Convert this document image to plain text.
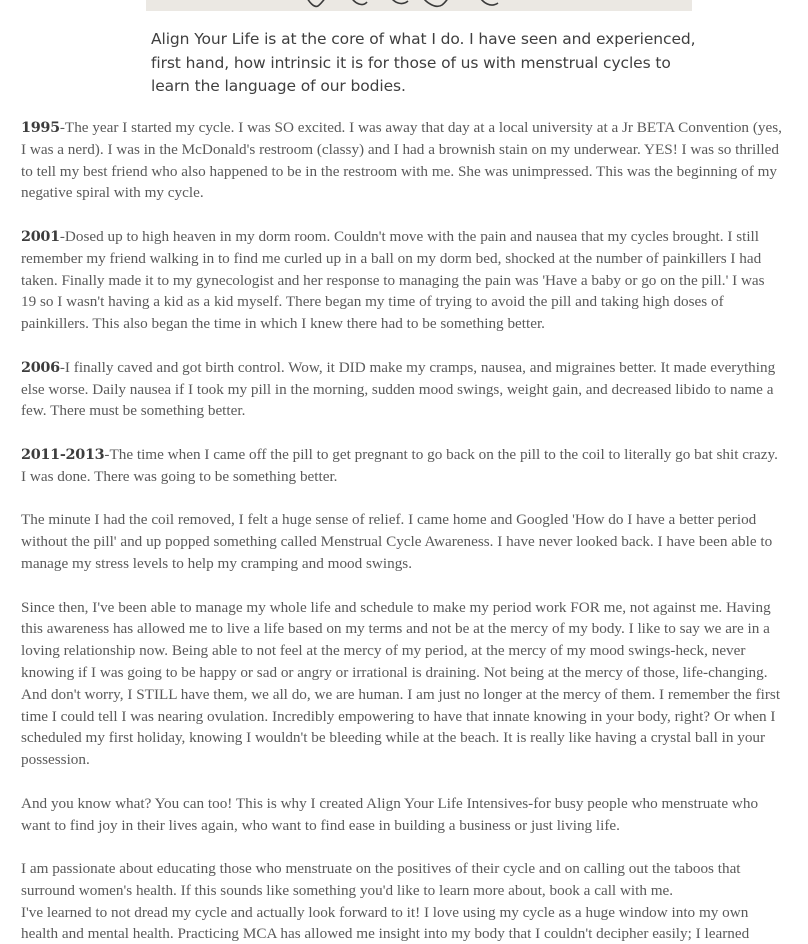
Align Your Life is at the core of what I do. I have seen and experienced, first hand, how intrinsic it is for those of us with menstrual cycles to learn the language of our bodies.

1995-The year I started my cycle. I was SO excited. I was away that day at a local university at a Jr BETA Convention (yes, I was a nerd). I was in the McDonald's restroom (classy) and I had a brownish stain on my underwear. YES! I was so thrilled to tell my best friend who also happened to be in the restroom with me. She was unimpressed. This was the beginning of my negative spiral with my cycle.

2001-Dosed up to high heaven in my dorm room. Couldn't move with the pain and nausea that my cycles brought. I still remember my friend walking in to find me curled up in a ball on my dorm bed, shocked at the number of painkillers I had taken. Finally made it to my gynecologist and her response to managing the pain was 'Have a baby or go on the pill.' I was 19 so I wasn't having a kid as a kid myself. There began my time of trying to avoid the pill and taking high doses of painkillers. This also began the time in which I knew there had to be something better.

2006-I finally caved and got birth control. Wow, it DID make my cramps, nausea, and migraines better. It made everything else worse. Daily nausea if I took my pill in the morning, sudden mood swings, weight gain, and decreased libido to name a few. There must be something better.

2011-2013-The time when I came off the pill to get pregnant to go back on the pill to the coil to literally go bat shit crazy. I was done. There was going to be something better.

The minute I had the coil removed, I felt a huge sense of relief. I came home and Googled 'How do I have a better period without the pill' and up popped something called Menstrual Cycle Awareness. I have never looked back. I have been able to manage my stress levels to help my cramping and mood swings.

Since then, I've been able to manage my whole life and schedule to make my period work FOR me, not against me. Having this awareness has allowed me to live a life based on my terms and not be at the mercy of my body. I like to say we are in a loving relationship now. Being able to not feel at the mercy of my period, at the mercy of my mood swings-heck, never knowing if I was going to be happy or sad or angry or irrational is draining. Not being at the mercy of those, life-changing. And don't worry, I STILL have them, we all do, we are human. I am just no longer at the mercy of them. I remember the first time I could tell I was nearing ovulation. Incredibly empowering to have that innate knowing in your body, right? Or when I scheduled my first holiday, knowing I wouldn't be bleeding while at the beach. It is really like having a crystal ball in your possession.

And you know what? You can too! This is why I created Align Your Life Intensives-for busy people who menstruate who want to find joy in their lives again, who want to find ease in building a business or just living life.

I am passionate about educating those who menstruate on the positives of their cycle and on calling out the taboos that surround women's health. If this sounds like something you'd like to learn more about, book a call with me.

I've learned to not dread my cycle and actually look forward to it! I love using my cycle as a huge window into my own health and mental health. Practicing MCA has allowed me insight into my body that I couldn't decipher easily; I learned
